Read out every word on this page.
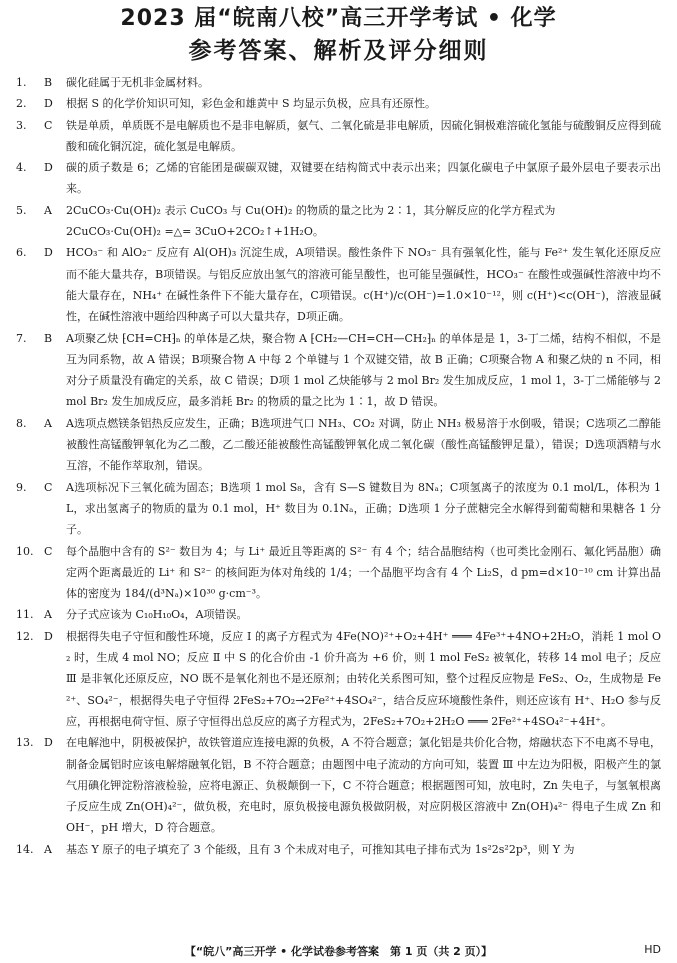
2023 届“皖南八校”高三开学考试 • 化学
参考答案、解析及评分细则
1.	B	碳化硅属于无机非金属材料。

2.	D	根据 S 的化学价知识可知，彩色金和雄黄中 S 均显示负极，应具有还原性。

3.	C	铁是单质，单质既不是电解质也不是非电解质，氨气、二氧化硫是非电解质，因硫化铜极难溶硫化氢能与硫酸铜反应得到硫酸和硫化铜沉淀，硫化氢是电解质。

4.	D	碳的质子数是 6；乙烯的官能团是碳碳双键，双键要在结构简式中表示出来；四氯化碳电子中氯原子最外层电子要表示出来。

5.	A	2CuCO₃·Cu(OH)₂ 表示 CuCO₃ 与 Cu(OH)₂ 的物质的量之比为 2∶1，其分解反应的化学方程式为

2CuCO₃·Cu(OH)₂ =△= 3CuO+2CO₂↑+1H₂O。

6.	D	HCO₃⁻ 和 AlO₂⁻ 反应有 Al(OH)₃ 沉淀生成，A项错误。酸性条件下 NO₃⁻ 具有强氧化性，能与 Fe²⁺ 发生氧化还原反应而不能大量共存，B项错误。与铝反应放出氢气的溶液可能呈酸性，也可能呈强碱性，HCO₃⁻ 在酸性或强碱性溶液中均不能大量存在，NH₄⁺ 在碱性条件下不能大量存在，C项错误。c(H⁺)/c(OH⁻)=1.0×10⁻¹²，则 c(H⁺)<c(OH⁻)，溶液显碱性，在碱性溶液中题给四种离子可以大量共存，D项正确。

7.	B	A项聚乙炔 ⁅CH=CH⁆ₙ 的单体是乙炔，聚合物 A ⁅CH₂—CH=CH—CH₂⁆ₙ 的单体是是 1，3-丁二烯，结构不相似，不是互为同系物，故 A 错误；B项聚合物 A 中每 2 个单键与 1 个双键交错，故 B 正确；C项聚合物 A 和聚乙炔的 n 不同，相对分子质量没有确定的关系，故 C 错误；D项 1 mol 乙炔能够与 2 mol Br₂ 发生加成反应，1 mol 1，3-丁二烯能够与 2 mol Br₂ 发生加成反应，最多消耗 Br₂ 的物质的量之比为 1∶1，故 D 错误。

8.	A	A选项点燃镁条铝热反应发生，正确；B选项进气口 NH₃、CO₂ 对调，防止 NH₃ 极易溶于水倒吸，错误；C选项乙二醇能被酸性高锰酸钾氧化为乙二酸，乙二酸还能被酸性高锰酸钾氧化成二氧化碳（酸性高锰酸钾足量），错误；D选项酒精与水互溶，不能作萃取剂，错误。

9.	C	A选项标况下三氧化硫为固态；B选项 1 mol S₈，含有 S—S 键数目为 8Nₐ；C项氢离子的浓度为 0.1 mol/L，体积为 1 L，求出氢离子的物质的量为 0.1 mol，H⁺ 数目为 0.1Nₐ，正确；D选项 1 分子蔗糖完全水解得到葡萄糖和果糖各 1 分子。

10. C	每个晶胞中含有的 S²⁻ 数目为 4；与 Li⁺ 最近且等距离的 S²⁻ 有 4 个；结合晶胞结构（也可类比金刚石、氟化钙晶胞）确定两个距离最近的 Li⁺ 和 S²⁻ 的核间距为体对角线的 1/4；一个晶胞平均含有 4 个 Li₂S，d pm=d×10⁻¹⁰ cm 计算出晶体的密度为 184/(d³Nₐ)×10³⁰ g·cm⁻³。

11. A	分子式应该为 C₁₀H₁₀O₄，A项错误。

12. D	根据得失电子守恒和酸性环境，反应 Ⅰ 的离子方程式为 4Fe(NO)²⁺+O₂+4H⁺ ═══ 4Fe³⁺+4NO+2H₂O，消耗 1 mol O₂ 时，生成 4 mol NO；反应 Ⅱ 中 S 的化合价由 -1 价升高为 +6 价，则 1 mol FeS₂ 被氧化，转移 14 mol 电子；反应 Ⅲ 是非氧化还原反应，NO 既不是氧化剂也不是还原剂；由转化关系图可知，整个过程反应物是 FeS₂、O₂，生成物是 Fe²⁺、SO₄²⁻，根据得失电子守恒得 2FeS₂+7O₂→2Fe²⁺+4SO₄²⁻，结合反应环境酸性条件，则还应该有 H⁺、H₂O 参与反应，再根据电荷守恒、原子守恒得出总反应的离子方程式为，2FeS₂+7O₂+2H₂O ═══ 2Fe²⁺+4SO₄²⁻+4H⁺。

13. D	在电解池中，阴极被保护，故铁管道应连接电源的负极，A 不符合题意；氯化铝是共价化合物，熔融状态下不电离不导电，制备金属铝时应该电解熔融氧化铝，B 不符合题意；由题图中电子流动的方向可知，装置 Ⅲ 中左边为阳极，阳极产生的氯气用碘化钾淀粉溶液检验，应将电源正、负极颠倒一下，C 不符合题意；根据题图可知，放电时，Zn 失电子，与氢氧根离子反应生成 Zn(OH)₄²⁻，做负极，充电时，原负极接电源负极做阴极，对应阴极区溶液中 Zn(OH)₄²⁻ 得电子生成 Zn 和 OH⁻，pH 增大，D 符合题意。

14. A	基态 Y 原子的电子填充了 3 个能级，且有 3 个未成对电子，可推知其电子排布式为 1s²2s²2p³，则 Y 为

【“皖八”高三开学 • 化学试卷参考答案　第 1 页（共 2 页）】	HD
